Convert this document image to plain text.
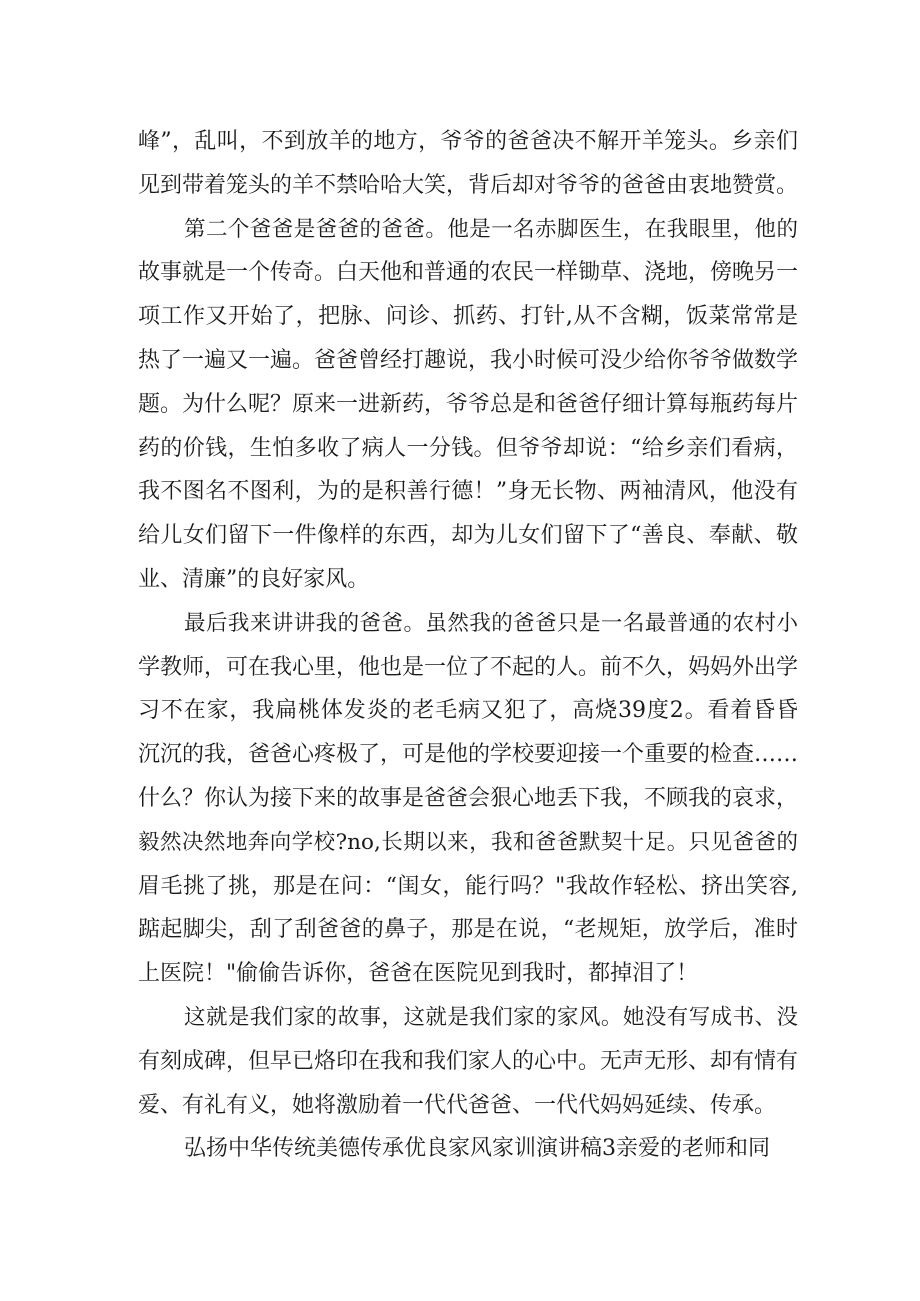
峰”，乱叫，不到放羊的地方，爷爷的爸爸决不解开羊笼头。乡亲们
见到带着笼头的羊不禁哈哈大笑，背后却对爷爷的爸爸由衷地赞赏。
第二个爸爸是爸爸的爸爸。他是一名赤脚医生，在我眼里，他的
故事就是一个传奇。白天他和普通的农民一样锄草、浇地，傍晚另一
项工作又开始了，把脉、问诊、抓药、打针,从不含糊，饭菜常常是
热了一遍又一遍。爸爸曾经打趣说，我小时候可没少给你爷爷做数学
题。为什么呢？原来一进新药，爷爷总是和爸爸仔细计算每瓶药每片
药的价钱，生怕多收了病人一分钱。但爷爷却说：“给乡亲们看病，
我不图名不图利，为的是积善行德！”身无长物、两袖清风，他没有
给儿女们留下一件像样的东西，却为儿女们留下了“善良、奉献、敬
业、清廉”的良好家风。
最后我来讲讲我的爸爸。虽然我的爸爸只是一名最普通的农村小
学教师，可在我心里，他也是一位了不起的人。前不久，妈妈外出学
习不在家，我扁桃体发炎的老毛病又犯了，高烧39度2。看着昏昏
沉沉的我，爸爸心疼极了，可是他的学校要迎接一个重要的检查……
什么？你认为接下来的故事是爸爸会狠心地丢下我，不顾我的哀求，
毅然决然地奔向学校?no,长期以来，我和爸爸默契十足。只见爸爸的
眉毛挑了挑，那是在问：“闺女，能行吗？"我故作轻松、挤出笑容,
踮起脚尖，刮了刮爸爸的鼻子，那是在说，“老规矩，放学后，准时
上医院！"偷偷告诉你，爸爸在医院见到我时，都掉泪了！
这就是我们家的故事，这就是我们家的家风。她没有写成书、没
有刻成碑，但早已烙印在我和我们家人的心中。无声无形、却有情有
爱、有礼有义，她将激励着一代代爸爸、一代代妈妈延续、传承。
弘扬中华传统美德传承优良家风家训演讲稿3亲爱的老师和同
